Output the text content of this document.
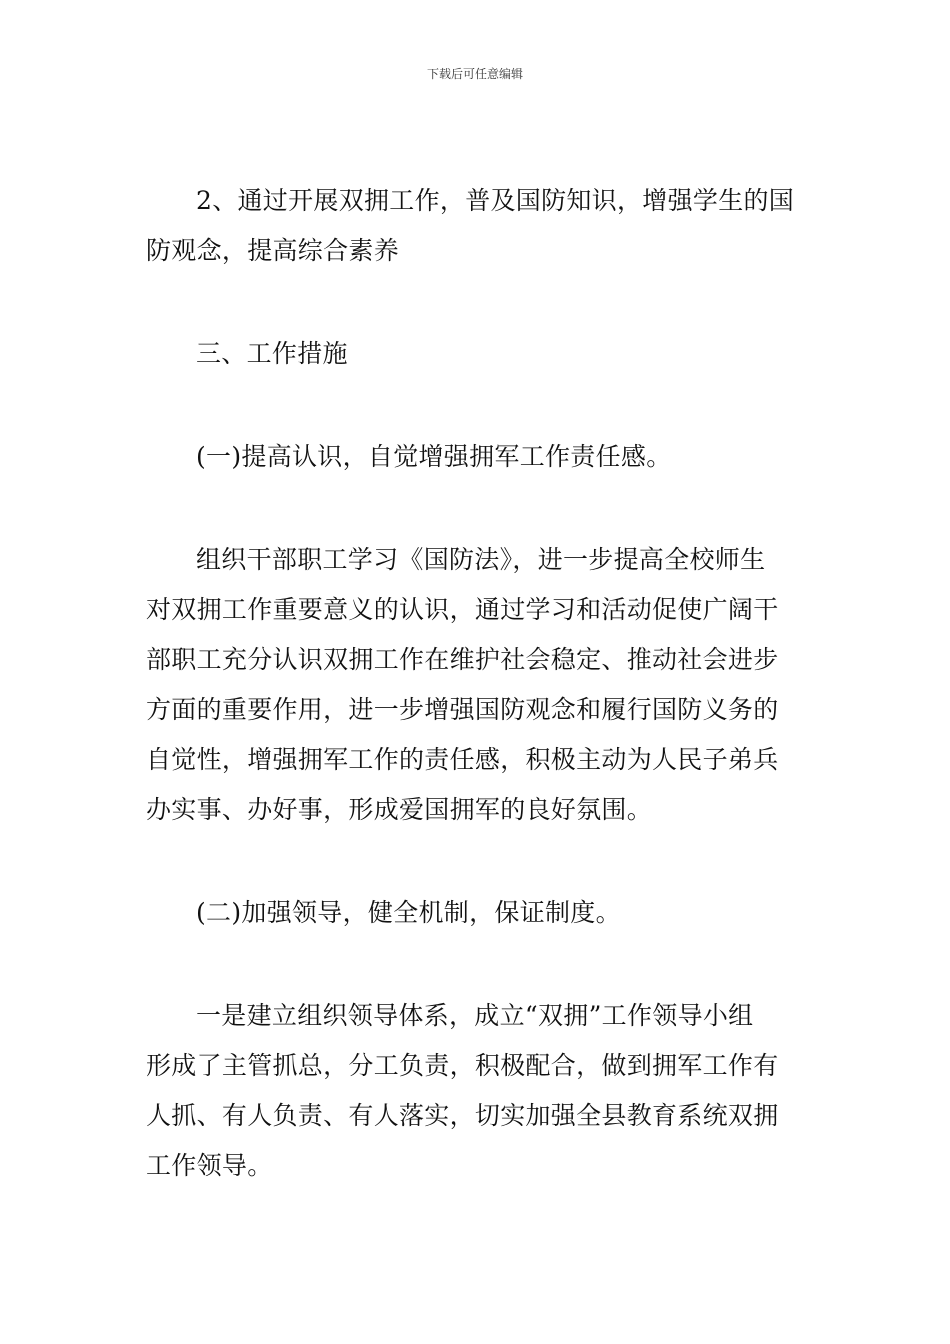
下载后可任意编辑
2、通过开展双拥工作，普及国防知识，增强学生的国
防观念，提高综合素养
三、工作措施
(一)提高认识，自觉增强拥军工作责任感。
组织干部职工学习《国防法》，进一步提高全校师生
对双拥工作重要意义的认识，通过学习和活动促使广阔干
部职工充分认识双拥工作在维护社会稳定、推动社会进步
方面的重要作用，进一步增强国防观念和履行国防义务的
自觉性，增强拥军工作的责任感，积极主动为人民子弟兵
办实事、办好事，形成爱国拥军的良好氛围。
(二)加强领导，健全机制，保证制度。
一是建立组织领导体系，成立“双拥”工作领导小组
形成了主管抓总，分工负责，积极配合，做到拥军工作有
人抓、有人负责、有人落实，切实加强全县教育系统双拥
工作领导。
